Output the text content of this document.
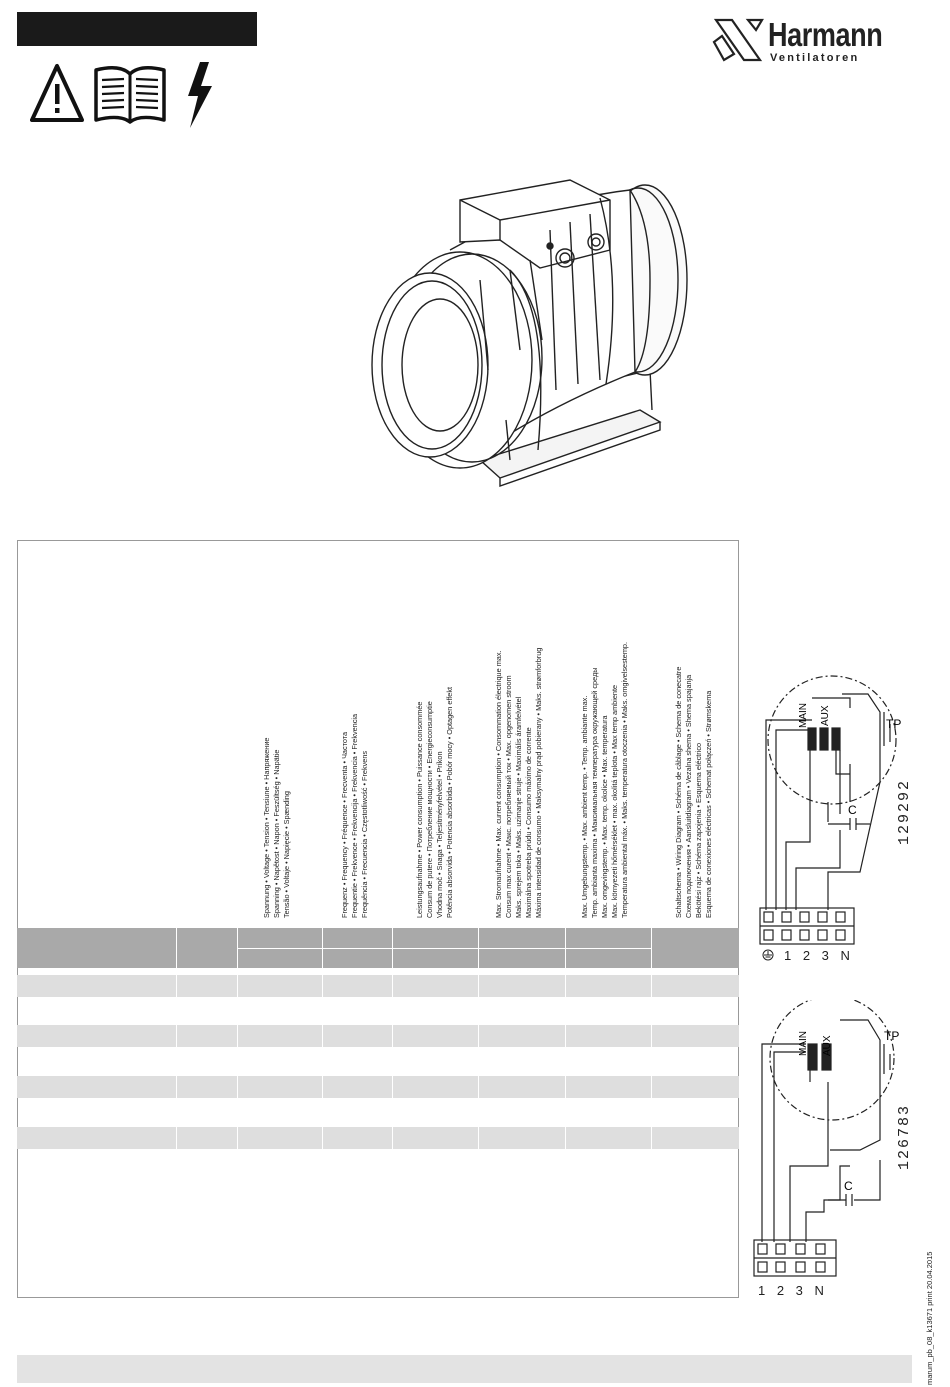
Harmann
Ventilatoren
Spannung • Voltage • Tension • Tensiune • Напряжение Spanning • Napětost • Napon • Feszültség • Napätie Tensão • Voltaje • Napięcie • Spænding	Frequenz • Frequency • Fréquence • Frecventa • Частота Frequentie • Frekvence • Frekvencija • Frekvencia • Frekvencia Frequência • Frecuencia • Częstotliwość • Frekvens	Leistungsaufnahme • Power consumption • Puissance consommée Consum de putere • Потребление мощности • Energieconsumptie Vhodna moč • Snaga • Teljesítményfelvétel • Príkon Potência absorvida • Potencia absorbida • Pobór mocy • Optagen effekt	Max. Stromaufnahme • Max. current consumption • Consommation électrique max. Consum max curent • Макс. потребляемый ток • Max. opgenomen stroom Maks. sprejem toka • Maks. uzimanje struje • Maximális áramfelvétel Maximálna spotreba prúdu • Consumo máximo de corrente Máxima intensidad de consumo • Maksymalny prąd pobierany • Maks. strømforbrug	Max. Umgebungstemp. • Max. ambient temp. • Temp. ambiante max. Temp. ambianta maxima • Максимальная температура окружающей среды Max. omgevingstemp. • Max. temp. okolice • Max. temperatura Max. környezeti hőmérséklet • max. okolitá teplota • Max temp ambiente Temperatura ambiental máx. • Maks. temperatura otoczenia • Maks. omgivelsestemp.	Schaltschema • Wiring Diagram • Schéma de câblage • Schema de conecatre Схема подключения • Aansluitdiagram • Vezalna shema • Shema spajanja Bekötési rajz • Schéma zapojenia • Esquema eléctrico Esquema de conexiones eléctricas • Schemat połączeń • Strømskema	MAIN AUX	TP
C
1 2 3 N
129292
MAIN AUX	TP
C
1 2 3 N
126783
marum_pb_08_k13671 print 20.04.2015
